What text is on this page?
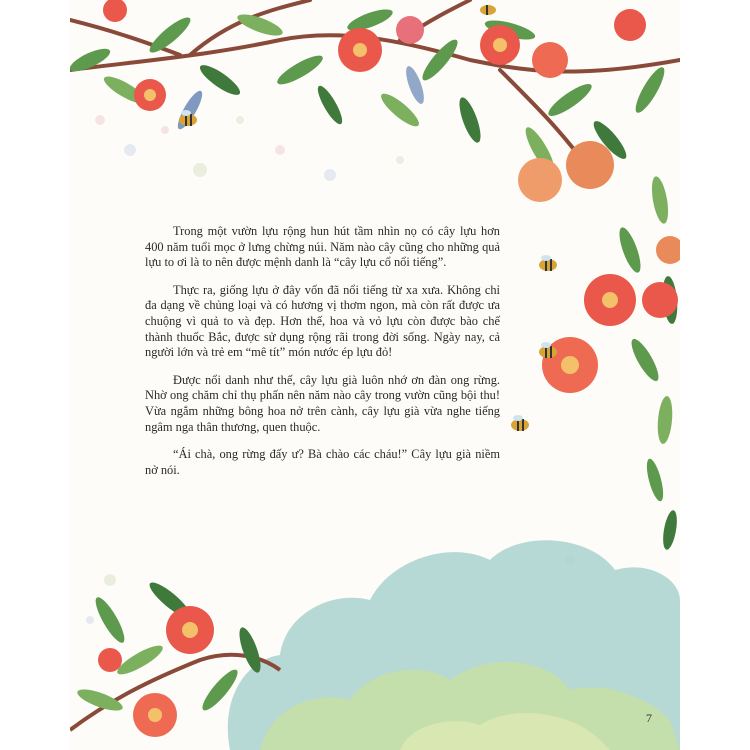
Trong một vườn lựu rộng hun hút tầm nhìn nọ có cây lựu hơn 400 năm tuổi mọc ở lưng chừng núi. Năm nào cây cũng cho những quả lựu to ơi là to nên được mệnh danh là “cây lựu cổ nổi tiếng”.

Thực ra, giống lựu ở đây vốn đã nổi tiếng từ xa xưa. Không chỉ đa dạng về chủng loại và có hương vị thơm ngon, mà còn rất được ưa chuộng vì quả to và đẹp. Hơn thế, hoa và vỏ lựu còn được bào chế thành thuốc Bắc, được sử dụng rộng rãi trong đời sống. Ngày nay, cả người lớn và trẻ em “mê tít” món nước ép lựu đỏ!

Được nổi danh như thế, cây lựu già luôn nhớ ơn đàn ong rừng. Nhờ ong chăm chỉ thụ phấn nên năm nào cây trong vườn cũng bội thu! Vừa ngắm những bông hoa nở trên cành, cây lựu già vừa nghe tiếng ngâm nga thân thương, quen thuộc.

“Ái chà, ong rừng đấy ư? Bà chào các cháu!” Cây lựu già niềm nở nói.

7
